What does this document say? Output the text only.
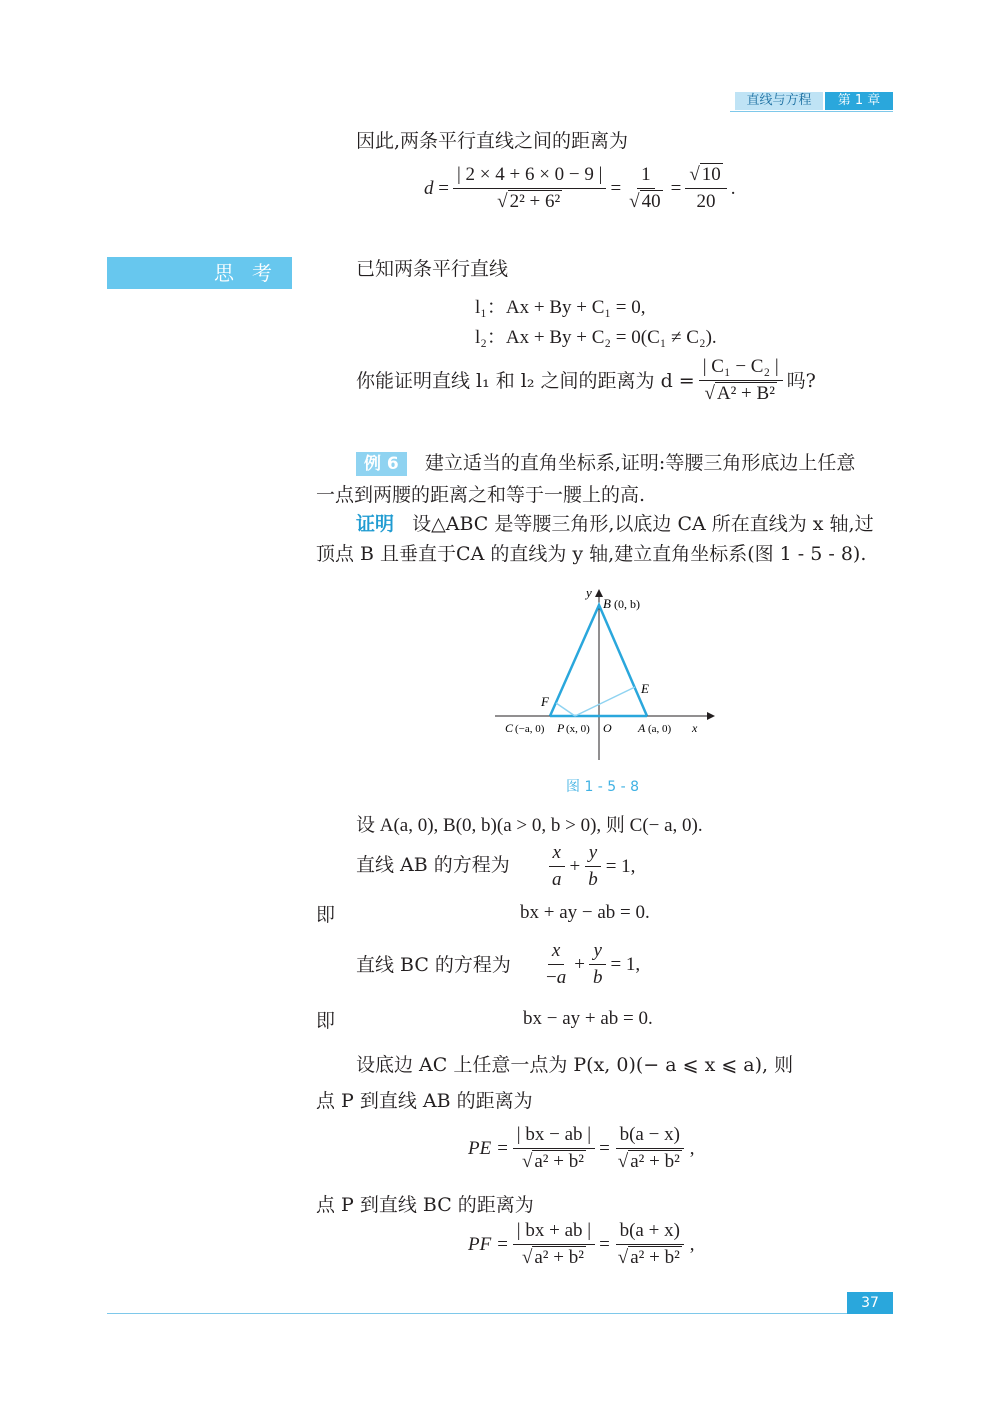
直线与方程	第 1 章
因此,两条平行直线之间的距离为
$d = \frac{| 2 \times 4 + 6 \times 0 - 9 |}{\text{√ 2² + 6²}} = \frac{1}{√ 40} = \frac{√ 10}{20}$ .
思考	已知两条平行直线
l₁：Ax + By + C₁ = 0,
l₂：Ax + By + C₂ = 0(C₁ ≠ C₂).
你能证明直线 l₁ 和 l₂ 之间的距离为 $d = \frac{\text{| C₁ − C₂ |}}{\text{√ A² + B²}}$ 吗?
例 6 建立适当的直角坐标系,证明:等腰三角形底边上任意
一点到两腰的距离之和等于一腰上的高.
证明 设△ABC 是等腰三角形,以底边 CA 所在直线为 x 轴,过
顶点 B 且垂直于CA 的直线为 y 轴,建立直角坐标系(图 1 - 5 - 8).
y
B (0, b)
E
F
C (−a, 0) P (x, 0) O A (a, 0) x
图 1 - 5 - 8
设 A(a, 0), B(0, b)(a > 0, b > 0), 则 C(− a, 0).
直线 AB 的方程为 $\frac{x}{a} + \frac{y}{b} = 1$,
即	bx + ay − ab = 0.
直线 BC 的方程为 $\frac{x}{-a} + \frac{y}{b} = 1$,
即	bx − ay + ab = 0.
设底边 AC 上任意一点为 P(x, 0)(− a ⩽ x ⩽ a), 则
点 P 到直线 AB 的距离为
PE = $\frac{| bx - ab |}{\text{√ a² + b²}} = \frac{b(a - x)}{\text{√ a² + b²}}$ ,
点 P 到直线 BC 的距离为
PF = $\frac{| bx + ab |}{\text{√ a² + b²}} = \frac{b(a + x)}{\text{√ a² + b²}}$ ,
37
